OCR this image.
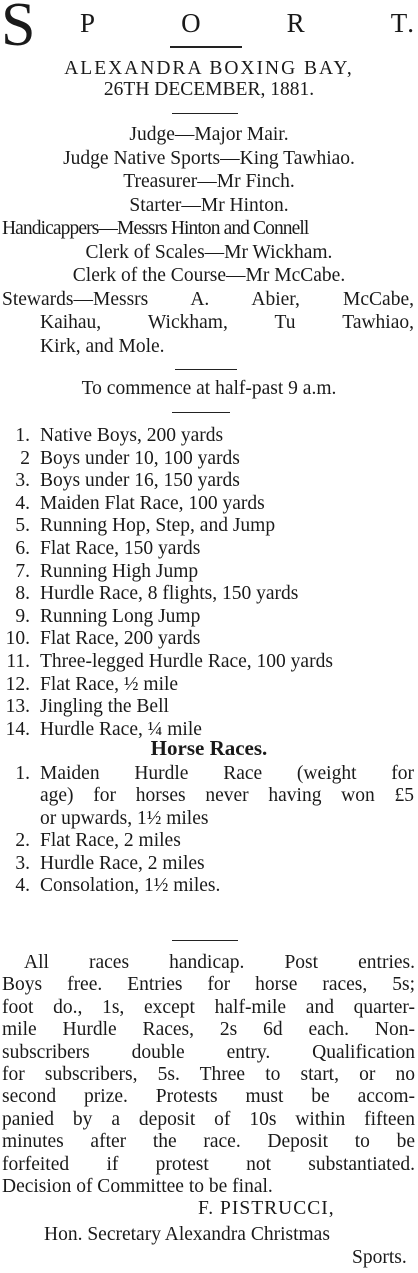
S P	O	R	T.
ALEXANDRA BOXING BAY,
26TH DECEMBER, 1881.
Judge—Major Mair.
Judge Native Sports—King Tawhiao.
Treasurer—Mr Finch.
Starter—Mr Hinton.
Handicappers—Messrs Hinton and Connell
Clerk of Scales—Mr Wickham.
Clerk of the Course—Mr McCabe.
Stewards—Messrs A. Abier, McCabe,
Kaihau, Wickham, Tu Tawhiao,
Kirk, and Mole.
To commence at half-past 9 a.m.
1. Native Boys, 200 yards
2 Boys under 10, 100 yards
3. Boys under 16, 150 yards
4. Maiden Flat Race, 100 yards
5. Running Hop, Step, and Jump
6. Flat Race, 150 yards
7. Running High Jump
8. Hurdle Race, 8 flights, 150 yards
9. Running Long Jump
10. Flat Race, 200 yards
11. Three-legged Hurdle Race, 100 yards
12. Flat Race, ½ mile
13. Jingling the Bell
14. Hurdle Race, ¼ mile
Horse Races.
1. Maiden Hurdle Race (weight for
age) for horses never having won £5
or upwards, 1½ miles
2. Flat Race, 2 miles
3. Hurdle Race, 2 miles
4. Consolation, 1½ miles.
All races handicap. Post entries.
Boys free. Entries for horse races, 5s;
foot do., 1s, except half-mile and quarter-
mile Hurdle Races, 2s 6d each. Non-
subscribers double entry. Qualification
for subscribers, 5s. Three to start, or no
second prize. Protests must be accom-
panied by a deposit of 10s within fifteen
minutes after the race. Deposit to be
forfeited if protest not substantiated.
Decision of Committee to be final.
F. PISTRUCCI,
Hon. Secretary Alexandra Christmas
Sports.
